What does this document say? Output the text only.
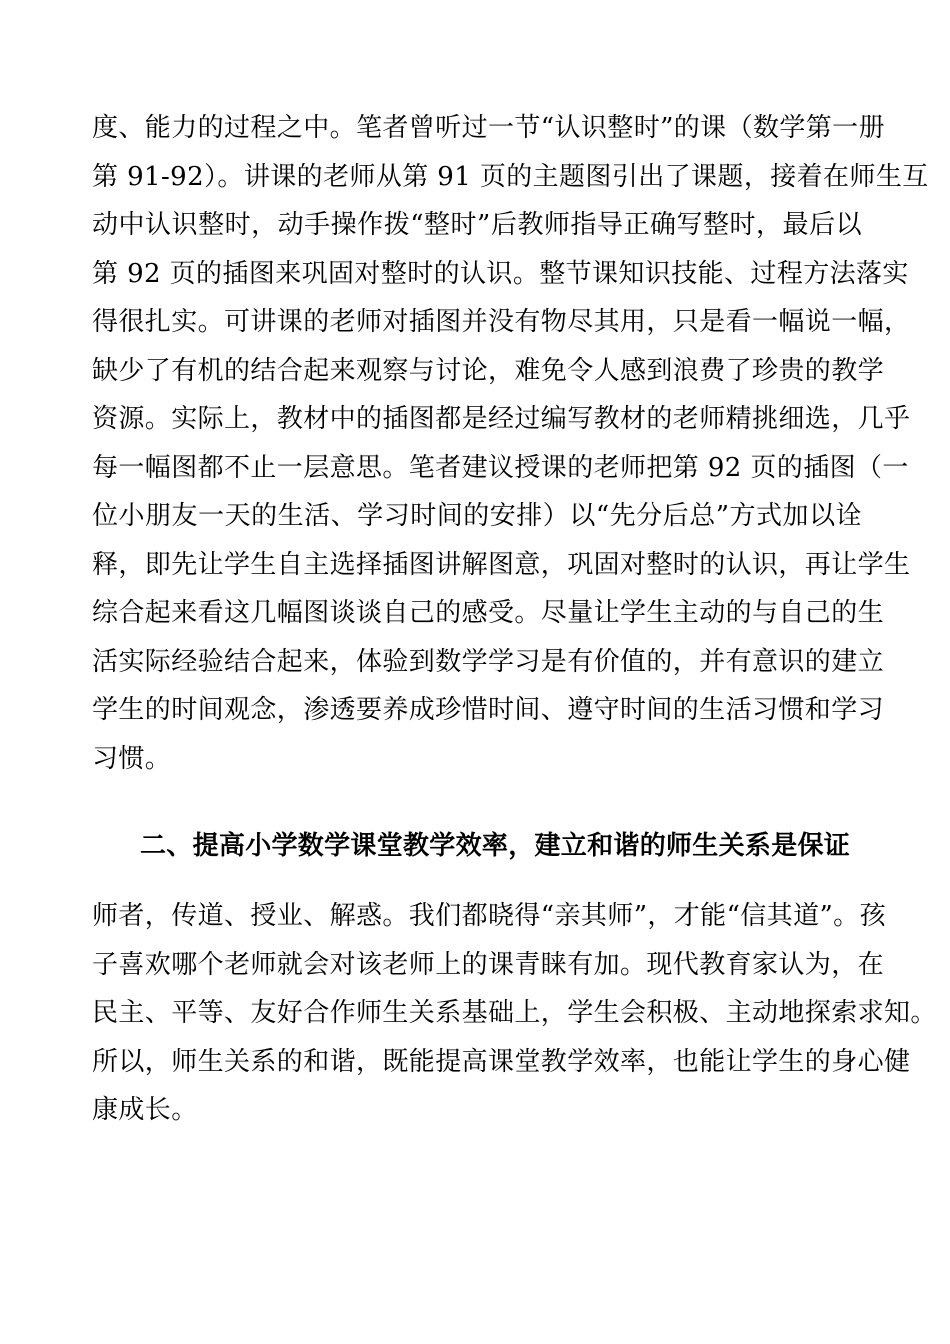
度、能力的过程之中。笔者曾听过一节“认识整时”的课（数学第一册
第 91-92）。讲课的老师从第 91 页的主题图引出了课题，接着在师生互
动中认识整时，动手操作拨“整时”后教师指导正确写整时，最后以
第 92 页的插图来巩固对整时的认识。整节课知识技能、过程方法落实
得很扎实。可讲课的老师对插图并没有物尽其用，只是看一幅说一幅，
缺少了有机的结合起来观察与讨论，难免令人感到浪费了珍贵的教学
资源。实际上，教材中的插图都是经过编写教材的老师精挑细选，几乎
每一幅图都不止一层意思。笔者建议授课的老师把第 92 页的插图（一
位小朋友一天的生活、学习时间的安排）以“先分后总”方式加以诠
释，即先让学生自主选择插图讲解图意，巩固对整时的认识，再让学生
综合起来看这几幅图谈谈自己的感受。尽量让学生主动的与自己的生
活实际经验结合起来，体验到数学学习是有价值的，并有意识的建立
学生的时间观念，渗透要养成珍惜时间、遵守时间的生活习惯和学习
习惯。
二、提高小学数学课堂教学效率，建立和谐的师生关系是保证
师者，传道、授业、解惑。我们都晓得“亲其师”，才能“信其道”。孩
子喜欢哪个老师就会对该老师上的课青睐有加。现代教育家认为，在
民主、平等、友好合作师生关系基础上，学生会积极、主动地探索求知。
所以，师生关系的和谐，既能提高课堂教学效率，也能让学生的身心健
康成长。
